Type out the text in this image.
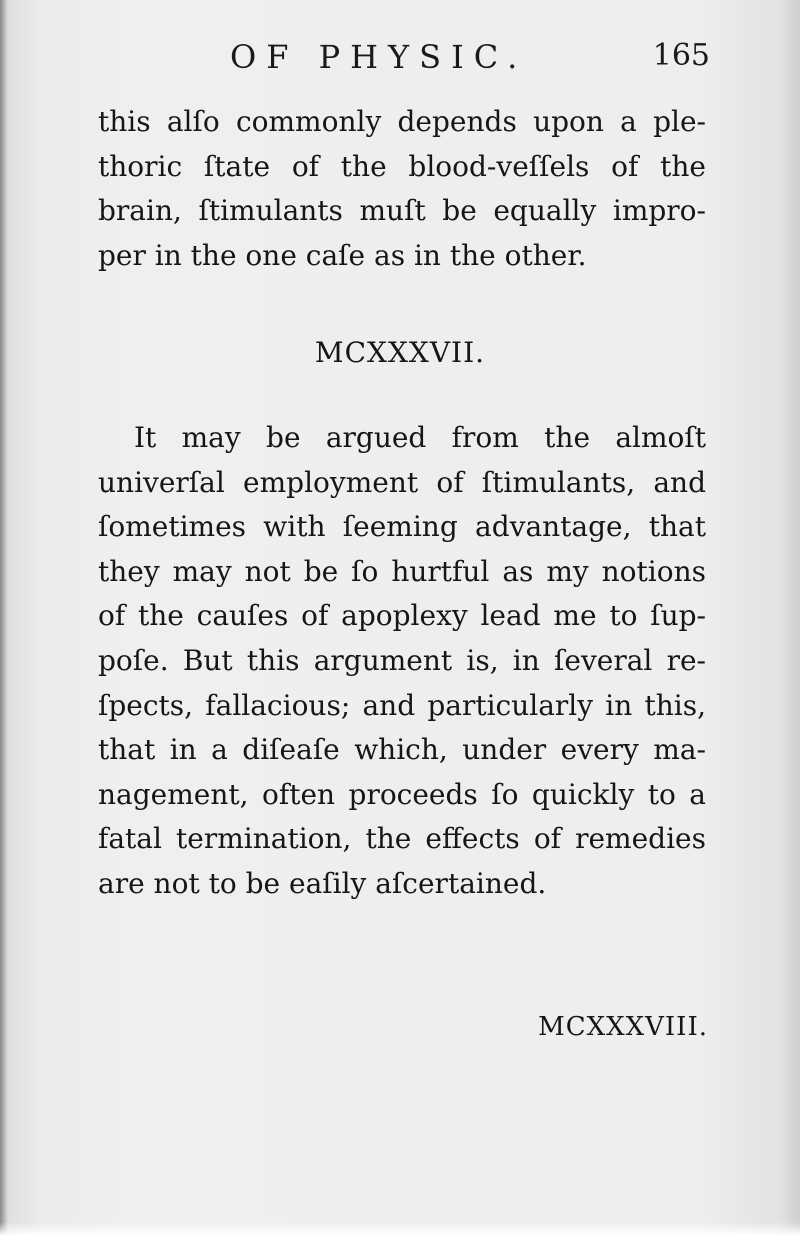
OF PHYSIC.	165
this alſo commonly depends upon a ple-
thoric ſtate of the blood-veſſels of the
brain, ſtimulants muſt be equally impro-
per in the one caſe as in the other.
MCXXXVII.
It may be argued from the almoſt
univerſal employment of ſtimulants, and
ſometimes with ſeeming advantage, that
they may not be ſo hurtful as my notions
of the cauſes of apoplexy lead me to ſup-
poſe. But this argument is, in ſeveral re-
ſpects, fallacious; and particularly in this,
that in a diſeaſe which, under every ma-
nagement, often proceeds ſo quickly to a
fatal termination, the effects of remedies
are not to be eaſily aſcertained.
MCXXXVIII.
